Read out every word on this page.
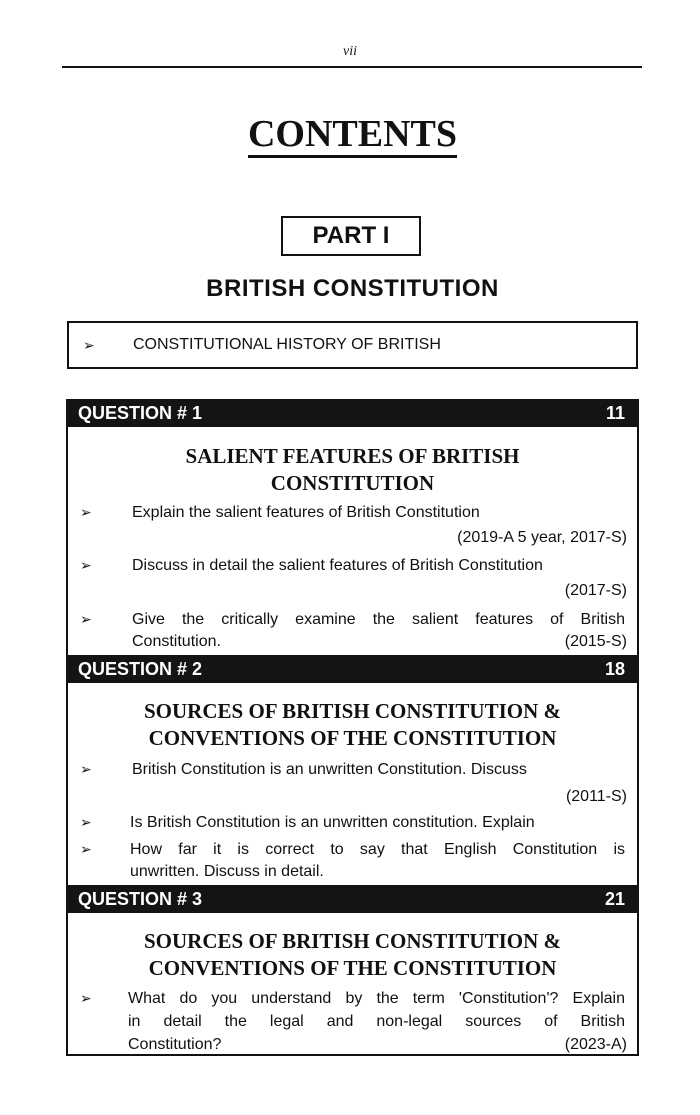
vii
CONTENTS
PART I
BRITISH CONSTITUTION
➢ CONSTITUTIONAL HISTORY OF BRITISH
QUESTION # 1	11
SALIENT FEATURES OF BRITISH
CONSTITUTION
➢	Explain the salient features of British Constitution
(2019-A 5 year, 2017-S)
➢	Discuss in detail the salient features of British Constitution
(2017-S)
➢	Give the critically examine the salient features of British
Constitution.	(2015-S)
QUESTION # 2	18
SOURCES OF BRITISH CONSTITUTION &
CONVENTIONS OF THE CONSTITUTION
➢	British Constitution is an unwritten Constitution. Discuss
(2011-S)
➢ Is British Constitution is an unwritten constitution. Explain
➢ How far it is correct to say that English Constitution is
unwritten. Discuss in detail.
QUESTION # 3	21
SOURCES OF BRITISH CONSTITUTION &
CONVENTIONS OF THE CONSTITUTION
➢ What do you understand by the term 'Constitution'? Explain
in detail the legal and non-legal sources of British
Constitution?	(2023-A)
